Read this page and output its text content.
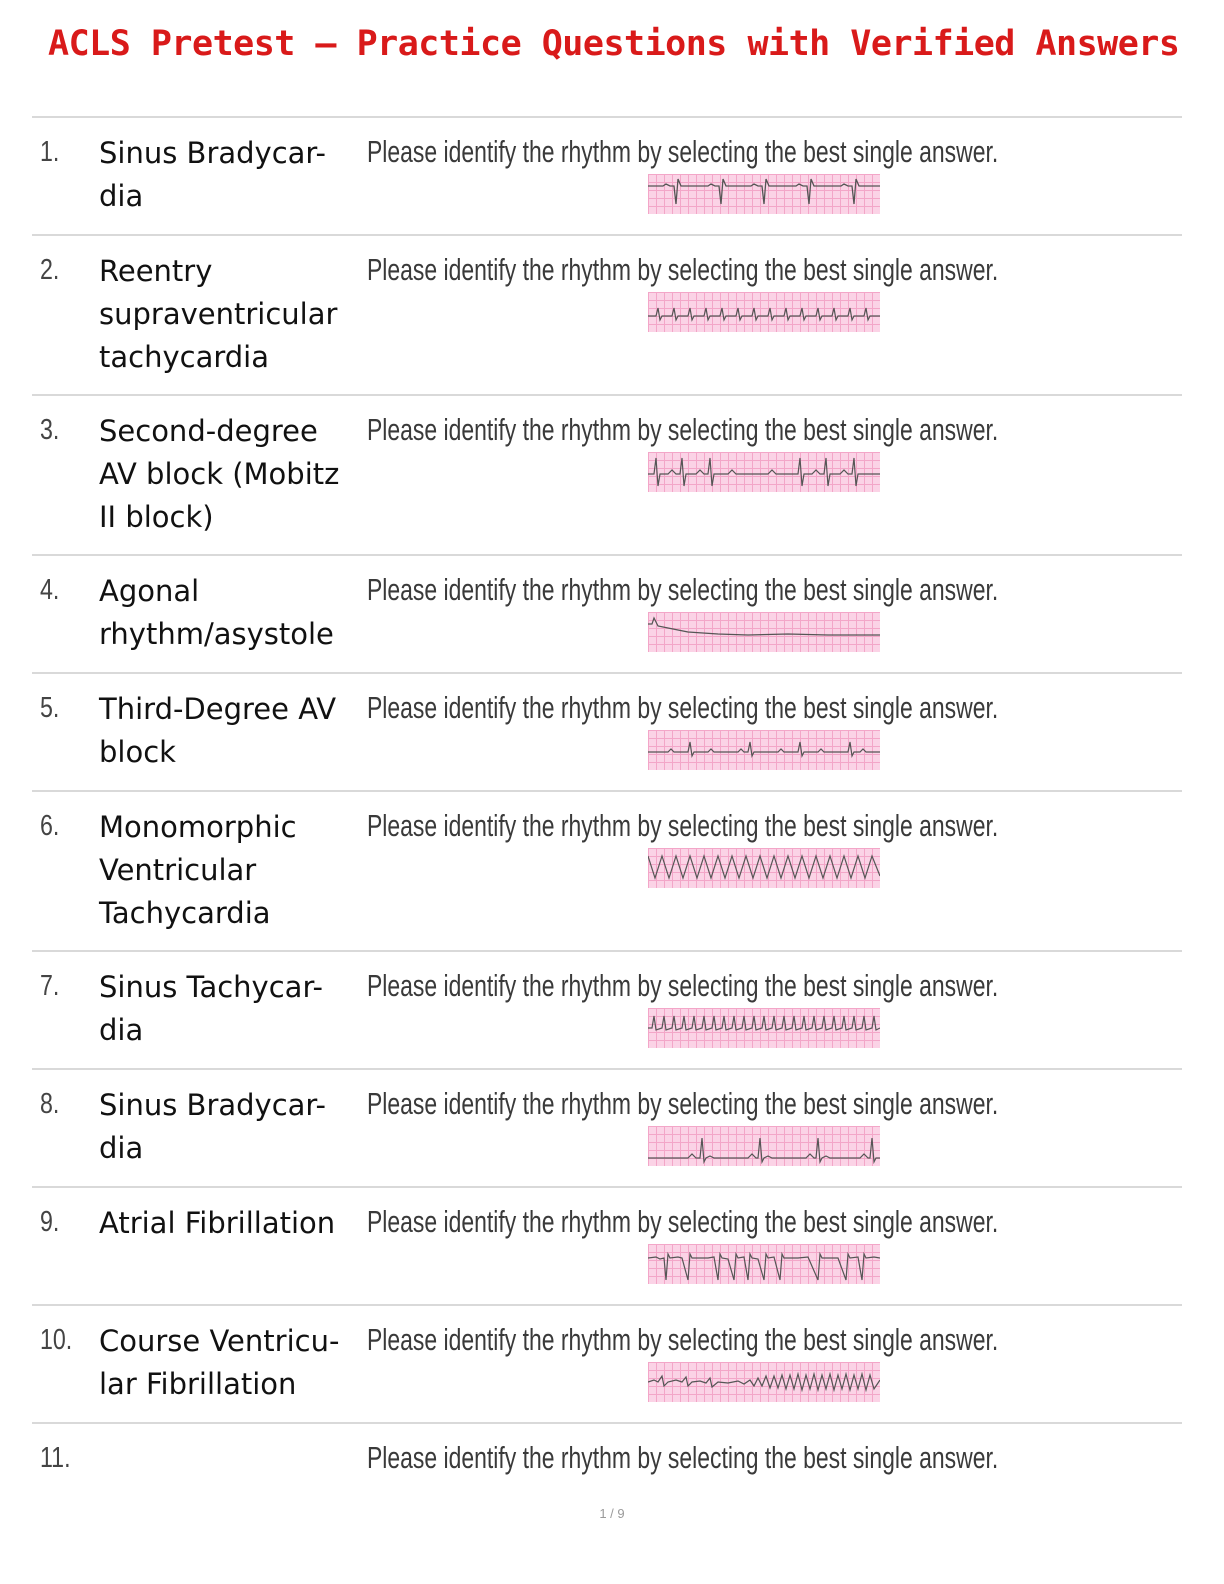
ACLS Pretest – Practice Questions with Verified Answers
1. Sinus Bradycar- dia
Please identify the rhythm by selecting the best single answer.
2. Reentry supraventricular tachycardia
Please identify the rhythm by selecting the best single answer.
3. Second-degree AV block (Mobitz II block)
Please identify the rhythm by selecting the best single answer.
4. Agonal rhythm/asystole
Please identify the rhythm by selecting the best single answer.
5. Third-Degree AV block
Please identify the rhythm by selecting the best single answer.
6. Monomorphic Ventricular Tachycardia
Please identify the rhythm by selecting the best single answer.
7. Sinus Tachycar- dia
Please identify the rhythm by selecting the best single answer.
8. Sinus Bradycar- dia
Please identify the rhythm by selecting the best single answer.
9. Atrial Fibrillation	Please identify the rhythm by selecting the best single answer.
10. Course Ventricu- lar Fibrillation
Please identify the rhythm by selecting the best single answer.
11.	Please identify the rhythm by selecting the best single answer.
1 / 9
